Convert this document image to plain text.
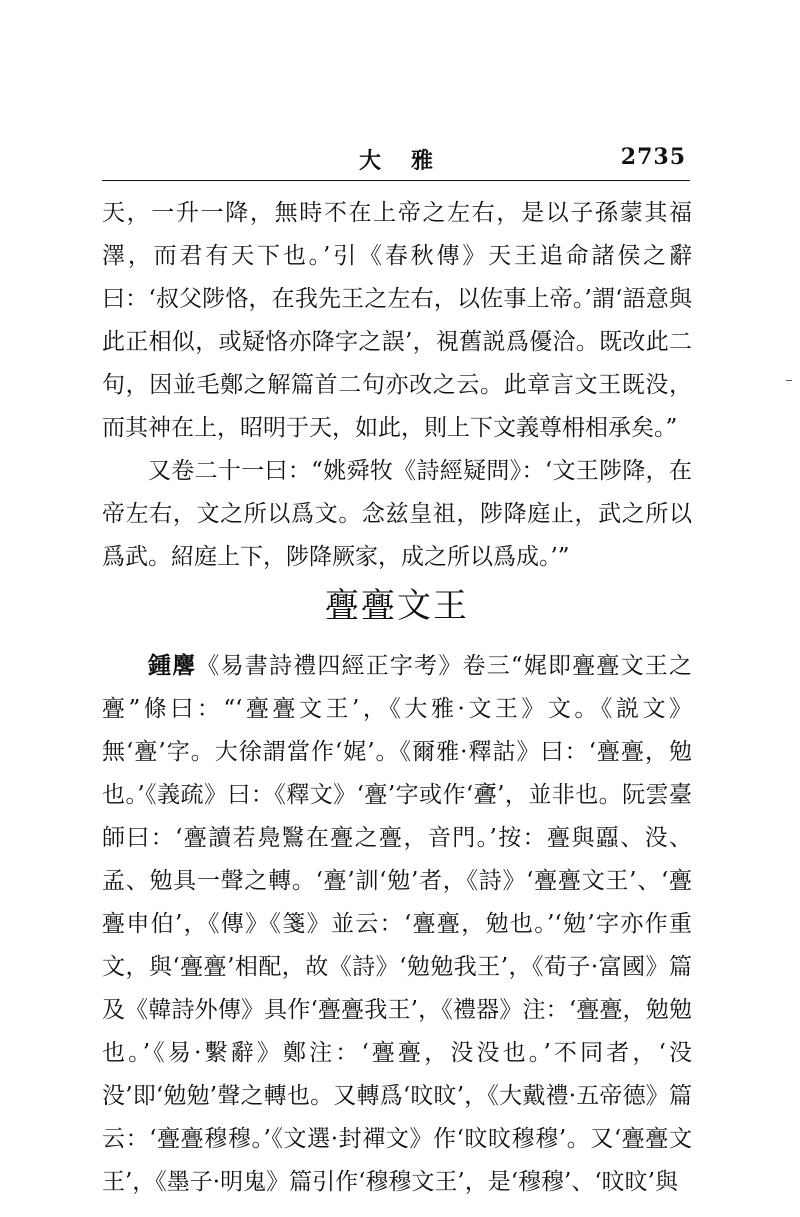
大雅	2735

天，一升一降，無時不在上帝之左右，是以子孫蒙其福澤，而君有天下也。’引《春秋傳》天王追命諸侯之辭曰：‘叔父陟恪，在我先王之左右，以佐事上帝。’謂‘語意與此正相似，或疑恪亦降字之誤’，視舊説爲優洽。既改此二句，因並毛鄭之解篇首二句亦改之云。此章言文王既没，而其神在上，昭明于天，如此，則上下文義尊枏相承矣。”

又卷二十一曰：“姚舜牧《詩經疑問》：‘文王陟降，在帝左右，文之所以爲文。念兹皇祖，陟降庭止，武之所以爲武。紹庭上下，陟降厥家，成之所以爲成。’”

亹亹文王

鍾麐《易書詩禮四經正字考》卷三“娓即亹亹文王之亹”條曰：“‘亹亹文王’，《大雅·文王》文。《説文》無‘亹’字。大徐謂當作‘娓’。《爾雅·釋詁》曰：‘亹亹，勉也。’《義疏》曰：《釋文》‘亹’字或作‘斖’，並非也。阮雲臺師曰：‘亹讀若鳧鷖在亹之亹，音門。’按：亹與蠠、没、孟、勉具一聲之轉。‘亹’訓‘勉’者，《詩》‘亹亹文王’、‘亹亹申伯’，《傳》《箋》並云：‘亹亹，勉也。’‘勉’字亦作重文，與‘亹亹’相配，故《詩》‘勉勉我王’，《荀子·富國》篇及《韓詩外傳》具作‘亹亹我王’，《禮器》注：‘亹亹，勉勉也。’《易·繫辭》鄭注：‘亹亹，没没也。’不同者，‘没没’即‘勉勉’聲之轉也。又轉爲‘旼旼’，《大戴禮·五帝德》篇云：‘亹亹穆穆。’《文選·封禪文》作‘旼旼穆穆’。又‘亹亹文王’，《墨子·明鬼》篇引作‘穆穆文王’，是‘穆穆’、‘旼旼’與
